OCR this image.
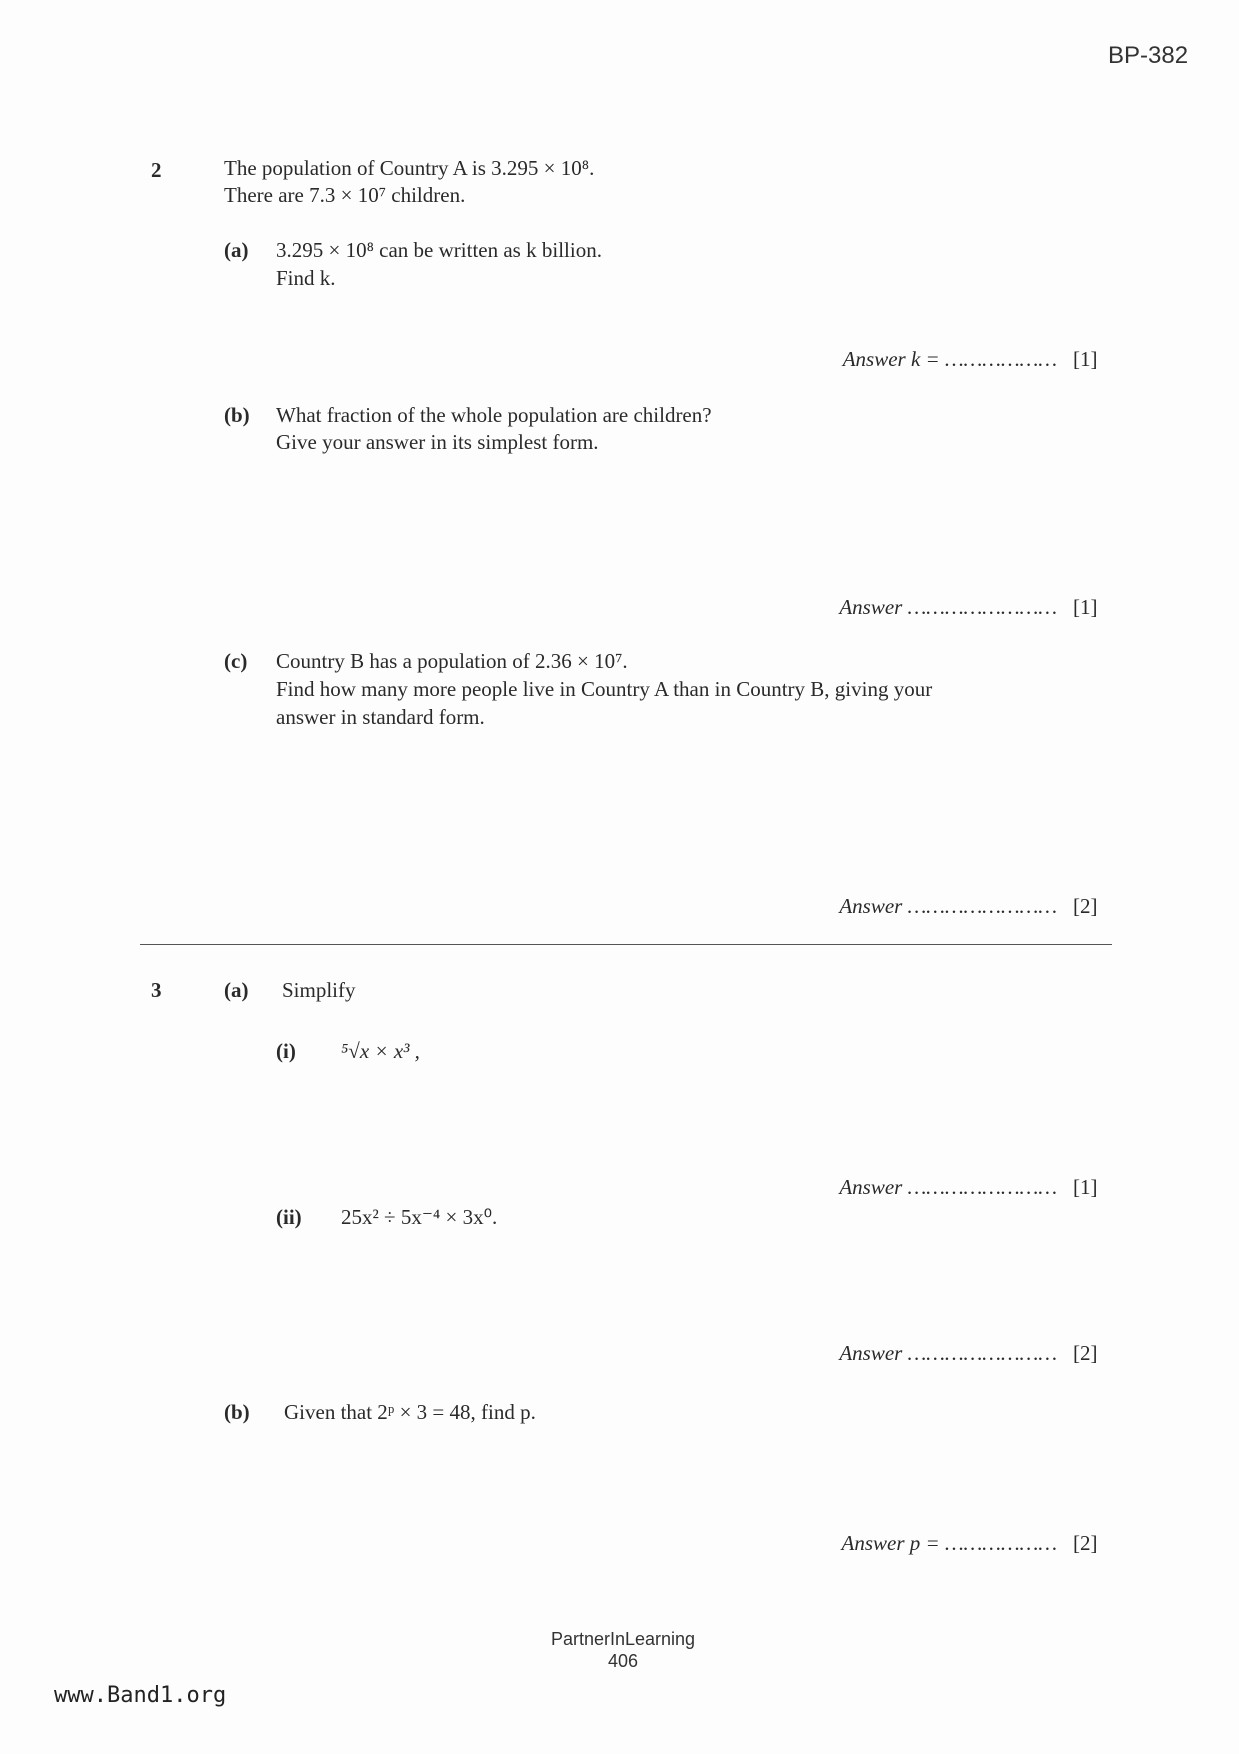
BP-382
2	The population of Country A is 3.295 × 10⁸.
There are 7.3 × 10⁷ children.
(a) 3.295 × 10⁸ can be written as k billion.
Find k.
Answer k = ……………… [1]
(b) What fraction of the whole population are children?
Give your answer in its simplest form.
Answer …………………… [1]
(c) Country B has a population of 2.36 × 10⁷.
Find how many more people live in Country A than in Country B, giving your
answer in standard form.
Answer …………………… [2]
3	(a) Simplify
(i) ⁵√x × x³ ,
Answer …………………… [1]
(ii) 25x² ÷ 5x⁻⁴ × 3x⁰.
Answer …………………… [2]
(b) Given that 2ᵖ × 3 = 48, find p.
Answer p = ……………… [2]
PartnerInLearning
406
www.Band1.org
